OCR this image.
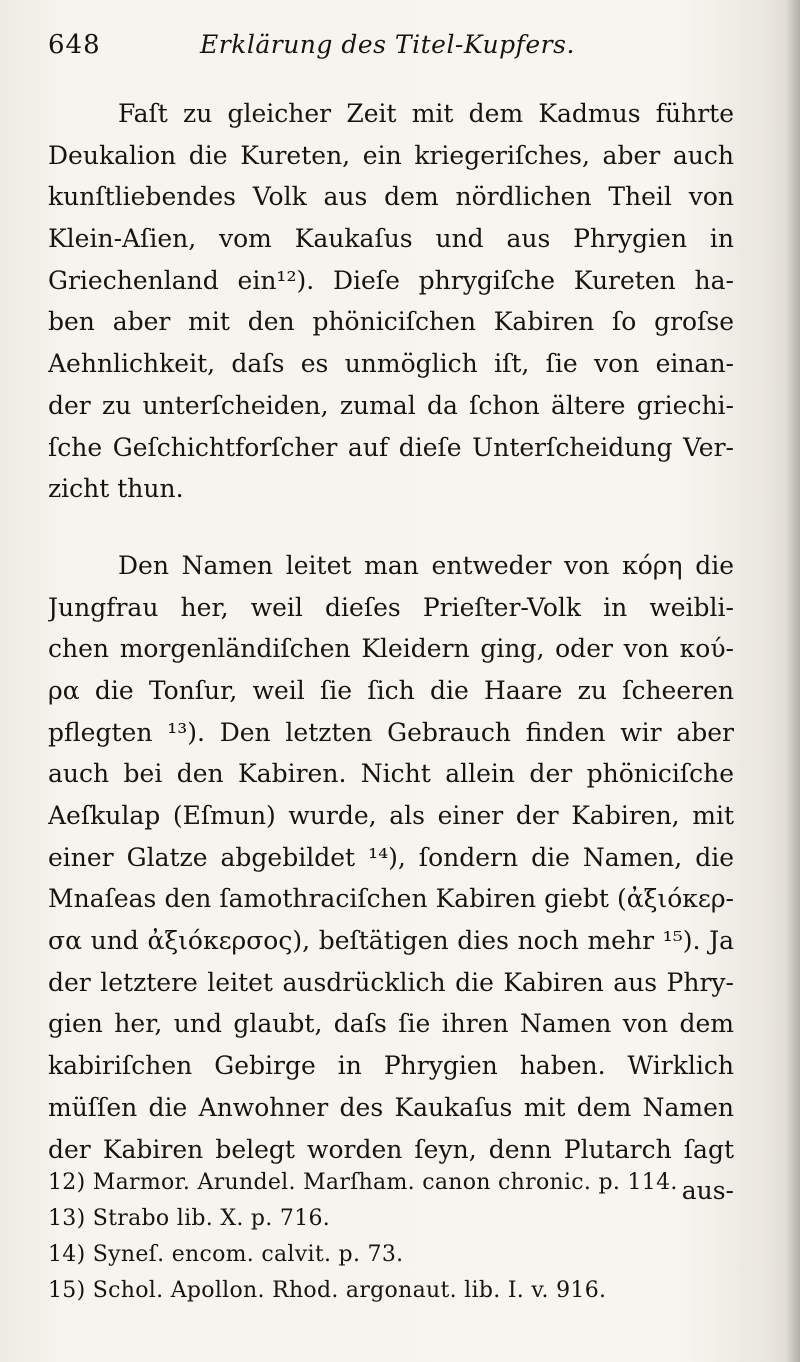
648	Erklärung des Titel-Kupfers.
Faſt zu gleicher Zeit mit dem Kadmus führte
Deukalion die Kureten, ein kriegeriſches, aber auch
kunſtliebendes Volk aus dem nördlichen Theil von
Klein-Aſien, vom Kaukaſus und aus Phrygien in
Griechenland ein¹²). Dieſe phrygiſche Kureten ha-
ben aber mit den phöniciſchen Kabiren ſo groſse
Aehnlichkeit, daſs es unmöglich iſt, ſie von einan-
der zu unterſcheiden, zumal da ſchon ältere griechi-
ſche Geſchichtforſcher auf dieſe Unterſcheidung Ver-
zicht thun.
Den Namen leitet man entweder von κόρη die
Jungfrau her, weil dieſes Prieſter-Volk in weibli-
chen morgenländiſchen Kleidern ging, oder von κού-
ρα die Tonſur, weil ſie ſich die Haare zu ſcheeren
pflegten ¹³). Den letzten Gebrauch finden wir aber
auch bei den Kabiren. Nicht allein der phöniciſche
Aeſkulap (Eſmun) wurde, als einer der Kabiren, mit
einer Glatze abgebildet ¹⁴), ſondern die Namen, die
Mnaſeas den ſamothraciſchen Kabiren giebt (ἀξιόκερ-
σα und ἀξιόκερσος), beſtätigen dies noch mehr ¹⁵). Ja
der letztere leitet ausdrücklich die Kabiren aus Phry-
gien her, und glaubt, daſs ſie ihren Namen von dem
kabiriſchen Gebirge in Phrygien haben. Wirklich
müſſen die Anwohner des Kaukaſus mit dem Namen
der Kabiren belegt worden ſeyn, denn Plutarch ſagt
aus-
12) Marmor. Arundel. Marſham. canon chronic. p. 114.
13) Strabo lib. X. p. 716.
14) Syneſ. encom. calvit. p. 73.
15) Schol. Apollon. Rhod. argonaut. lib. I. v. 916.
